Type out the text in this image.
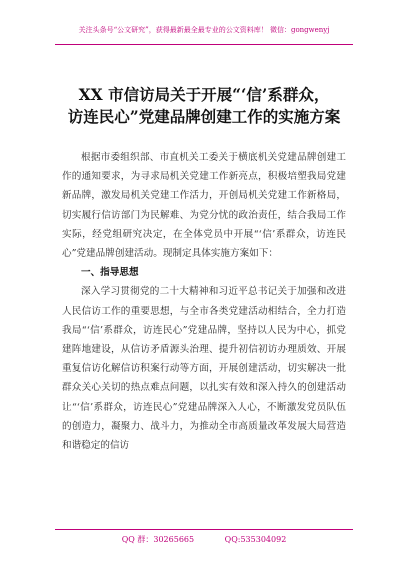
关注头条号“公文研究”，获得最新最全最专业的公文资料库！ 微信：gongwenyj
XX 市信访局关于开展“‘信’系群众，
访连民心”党建品牌创建工作的实施方案

根据市委组织部、市直机关工委关于横底机关党建品牌创建工作的通知要求，为寻求局机关党建工作新亮点，积极培塑我局党建新品牌，激发局机关党建工作活力，开创局机关党建工作新格局，切实履行信访部门为民解难、为党分忧的政治责任，结合我局工作实际，经党组研究决定，在全体党员中开展“‘信’系群众，访连民心”党建品牌创建活动。现制定具体实施方案如下：

一、指导思想

深入学习贯彻党的二十大精神和习近平总书记关于加强和改进人民信访工作的重要思想，与全市各类党建活动相结合，全力打造我局“‘信’系群众，访连民心”党建品牌，坚持以人民为中心，抓党建阵地建设，从信访矛盾源头治理、提升初信初访办理质效、开展重复信访化解信访积案行动等方面，开展创建活动，切实解决一批群众关心关切的热点难点问题，以扎实有效和深入持久的创建活动让“‘信’系群众，访连民心”党建品牌深入人心，不断激发党员队伍的创造力，凝聚力、战斗力，为推动全市高质量改革发展大局营造和谐稳定的信访

QQ 群：30265665	QQ:535304092
